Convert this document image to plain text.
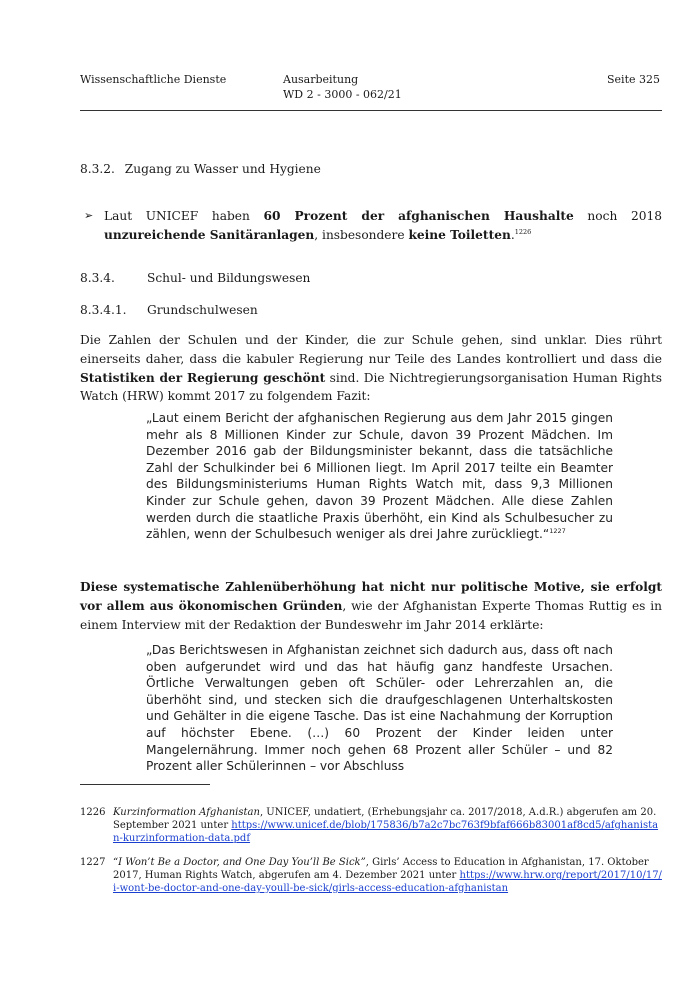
Wissenschaftliche Dienste	Ausarbeitung
WD 2 - 3000 - 062/21
Seite 325
8.3.2. Zugang zu Wasser und Hygiene
➢ Laut UNICEF haben 60 Prozent der afghanischen Haushalte noch 2018 unzureichende Sanitäranlagen, insbesondere keine Toiletten.$^{1226}$
8.3.4.	Schul- und Bildungswesen
8.3.4.1. Grundschulwesen
Die Zahlen der Schulen und der Kinder, die zur Schule gehen, sind unklar. Dies rührt einerseits daher, dass die kabuler Regierung nur Teile des Landes kontrolliert und dass die Statistiken der Regierung geschönt sind. Die Nichtregierungsorganisation Human Rights Watch (HRW) kommt 2017 zu folgendem Fazit:
„Laut einem Bericht der afghanischen Regierung aus dem Jahr 2015 gingen mehr als 8 Millionen Kinder zur Schule, davon 39 Prozent Mädchen. Im Dezember 2016 gab der Bildungsminister bekannt, dass die tatsächliche Zahl der Schulkinder bei 6 Millionen liegt. Im April 2017 teilte ein Beamter des Bildungsministeriums Human Rights Watch mit, dass 9,3 Millionen Kinder zur Schule gehen, davon 39 Prozent Mädchen. Alle diese Zahlen werden durch die staatliche Praxis überhöht, ein Kind als Schulbesucher zu zählen, wenn der Schulbesuch weniger als drei Jahre zurückliegt.“$^{1227}$
Diese systematische Zahlenüberhöhung hat nicht nur politische Motive, sie erfolgt vor allem aus ökonomischen Gründen, wie der Afghanistan Experte Thomas Ruttig es in einem Interview mit der Redaktion der Bundeswehr im Jahr 2014 erklärte:
„Das Berichtswesen in Afghanistan zeichnet sich dadurch aus, dass oft nach oben aufgerundet wird und das hat häufig ganz handfeste Ursachen. Örtliche Verwaltungen geben oft Schüler- oder Lehrerzahlen an, die überhöht sind, und stecken sich die draufgeschlagenen Unterhaltskosten und Gehälter in die eigene Tasche. Das ist eine Nachahmung der Korruption auf höchster Ebene. (…) 60 Prozent der Kinder leiden unter Mangelernährung. Immer noch gehen 68 Prozent aller Schüler – und 82 Prozent aller Schülerinnen – vor Abschluss
1226 Kurzinformation Afghanistan, UNICEF, undatiert, (Erhebungsjahr ca. 2017/2018, A.d.R.) abgerufen am 20. September 2021 unter https://www.unicef.de/blob/175836/b7a2c7bc763f9bfaf666b83001af8cd5/afghanistan-kurzinformation-data.pdf
1227 “I Won’t Be a Doctor, and One Day You’ll Be Sick”, Girls’ Access to Education in Afghanistan, 17. Oktober 2017, Human Rights Watch, abgerufen am 4. Dezember 2021 unter https://www.hrw.org/report/2017/10/17/i-wont-be-doctor-and-one-day-youll-be-sick/girls-access-education-afghanistan
